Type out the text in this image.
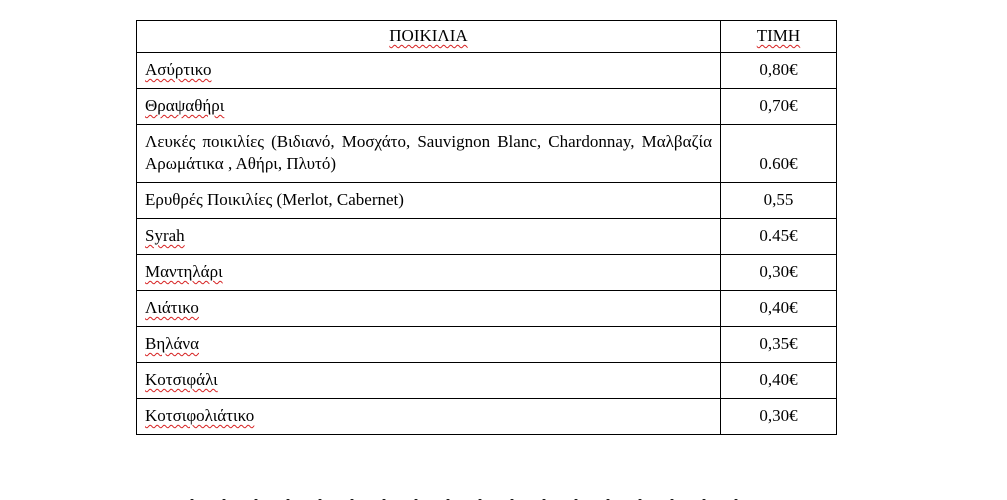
ΠΟΙΚΙΛΙΑ	ΤΙΜΗ
Ασύρτικο	0,80€
Θραψαθήρι	0,70€
Λευκές ποικιλίες (Βιδιανό, Μοσχάτο, Sauvignon Blanc, Chardonnay, Μαλβαζία Αρωμάτικα , Αθήρι, Πλυτό)	0.60€
Ερυθρές Ποικιλίες (Merlot, Cabernet)	0,55
Syrah	0.45€
Μαντηλάρι	0,30€
Λιάτικο	0,40€
Βηλάνα	0,35€
Κοτσιφάλι	0,40€
Κοτσιφολιάτικο	0,30€
